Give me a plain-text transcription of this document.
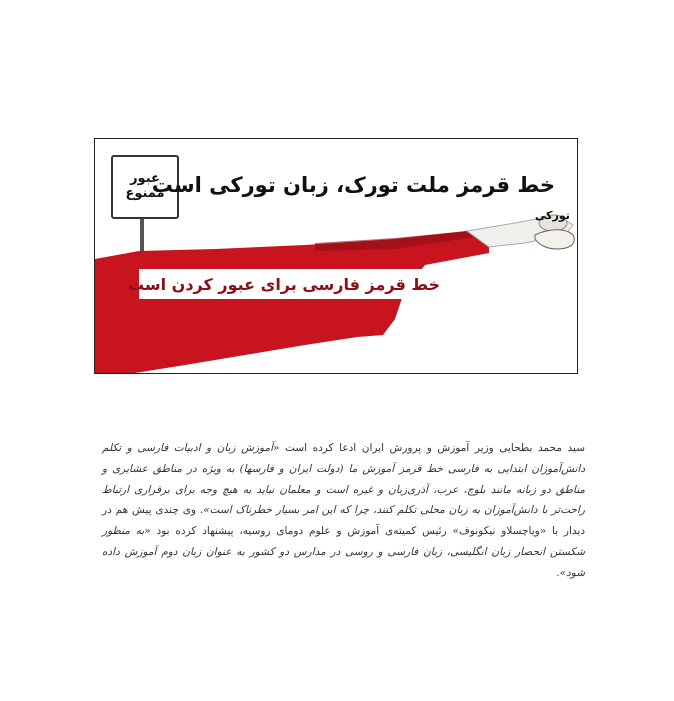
عبور
ممنوع
خط قرمز ملت تورک، زبان تورکی است
تورکی
خط قرمز فارسی برای عبور کردن است

سید محمد بطحایی وزیر آموزش و پرورش ایران ادعا کرده است «آموزش زبان و ادبیات فارسی و تکلم دانش‌آموزان ابتدایی به فارسی خط قرمز آموزش ما (دولت ایران و فارسها) به ویژه در مناطق عشایری و مناطق دو زبانه مانند بلوچ، عرب، آذری‌زبان و غیره است و معلمان نباید به هیچ وجه برای برقراری ارتباط راحت‌تر با دانش‌آموزان به زبان محلی تکلم کنند، چرا که این امر بسیار خطرناک است». وی چندی پیش هم در دیدار با «ویاچسلاو نیکونوف» رئیس کمیته‌ی آموزش و علوم دومای روسیه، پیشنهاد کرده بود «به منظور شکستن انحصار زبان انگلیسی، زبان فارسی و روسی در مدارس دو کشور به عنوان زبان دوم آموزش داده شود».
